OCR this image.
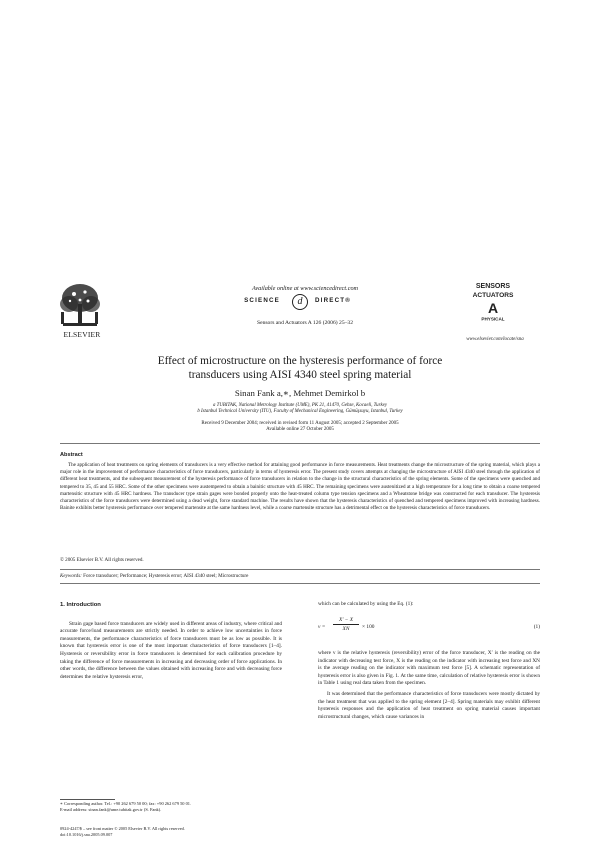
ELSEVIER
Available online at www.sciencedirect.com
SCIENCE	d	DIRECT®
Sensors and Actuators A 126 (2006) 25–32
SENSORS
ACTUATORS
A
PHYSICAL
www.elsevier.com/locate/sna
Effect of microstructure on the hysteresis performance of force
transducers using AISI 4340 steel spring material
Sinan Fank a,∗, Mehmet Demirkol b
a TUBITAK, National Metrology Institute (UME), PK 21, 41470, Gebze, Kocaeli, Turkey
b Istanbul Technical University (ITU), Faculty of Mechanical Engineering, Gümüşsuyu, Istanbul, Turkey
Received 9 December 2004; received in revised form 11 August 2005; accepted 2 September 2005
Available online 27 October 2005
Abstract
The application of heat treatments on spring elements of transducers is a very effective method for attaining good performance in force measurements. Heat treatments change the microstructure of the spring material, which plays a major role in the improvement of performance characteristics of force transducers, particularly in terms of hysteresis error. The present study covers attempts at changing the microstructure of AISI 4340 steel through the application of different heat treatments, and the subsequent measurement of the hysteresis performance of force transducers in relation to the change in the structural characteristics of the spring elements. Some of the specimens were quenched and tempered to 35, 45 and 55 HRC. Some of the other specimens were austempered to obtain a bainitic structure with 45 HRC. The remaining specimens were austenitized at a high temperature for a long time to obtain a coarse tempered martensitic structure with 45 HRC hardness. The transducer type strain gages were bonded properly onto the heat-treated column type tension specimens and a Wheatstone bridge was constructed for each transducer. The hysteresis characteristics of the force transducers were determined using a dead weight, force standard machine. The results have shown that the hysteresis characteristics of quenched and tempered specimens improved with increasing hardness. Bainite exhibits better hysteresis performance over tempered martensite at the same hardness level, while a coarse martensite structure has a detrimental effect on the hysteresis characteristics of force transducers.
© 2005 Elsevier B.V. All rights reserved.
Keywords: Force transducer; Performance; Hysteresis error; AISI 4340 steel; Microstructure
1. Introduction

Strain gage based force transducers are widely used in different areas of industry, where critical and accurate force/load measurements are strictly needed. In order to achieve low uncertainties in force measurements, the performance characteristics of force transducers must be as low as possible. It is known that hysteresis error is one of the most important characteristics of force transducers [1–4]. Hysteresis or reversibility error in force transducers is determined for each calibration procedure by taking the difference of force measurements in increasing and decreasing order of force applications. In other words, the difference between the values obtained with increasing force and with decreasing force determines the relative hysteresis error,

which can be calculated by using the Eq. (1):

$v = \frac{X' - X}{XN} \times 100$	(1)

where v is the relative hysteresis (reversibility) error of the force transducer, X′ is the reading on the indicator with decreasing test force, X is the reading on the indicator with increasing test force and XN is the average reading on the indicator with maximum test force [5]. A schematic representation of hysteresis error is also given in Fig. 1. At the same time, calculation of relative hysteresis error is shown in Table 1 using real data taken from the specimen.

It was determined that the performance characteristics of force transducers were mostly dictated by the heat treatment that was applied to the spring element [2–4]. Spring materials may exhibit different hysteresis responses and the application of heat treatment on spring material causes important microstructural changes, which cause variances in

∗ Corresponding author. Tel.: +90 262 679 50 00; fax: +90 262 679 50 01.
E-mail address: sinan.fank@ume.tubitak.gov.tr (S. Fank).
0924-4247/$ – see front matter © 2005 Elsevier B.V. All rights reserved.
doi:10.1016/j.sna.2005.09.007
